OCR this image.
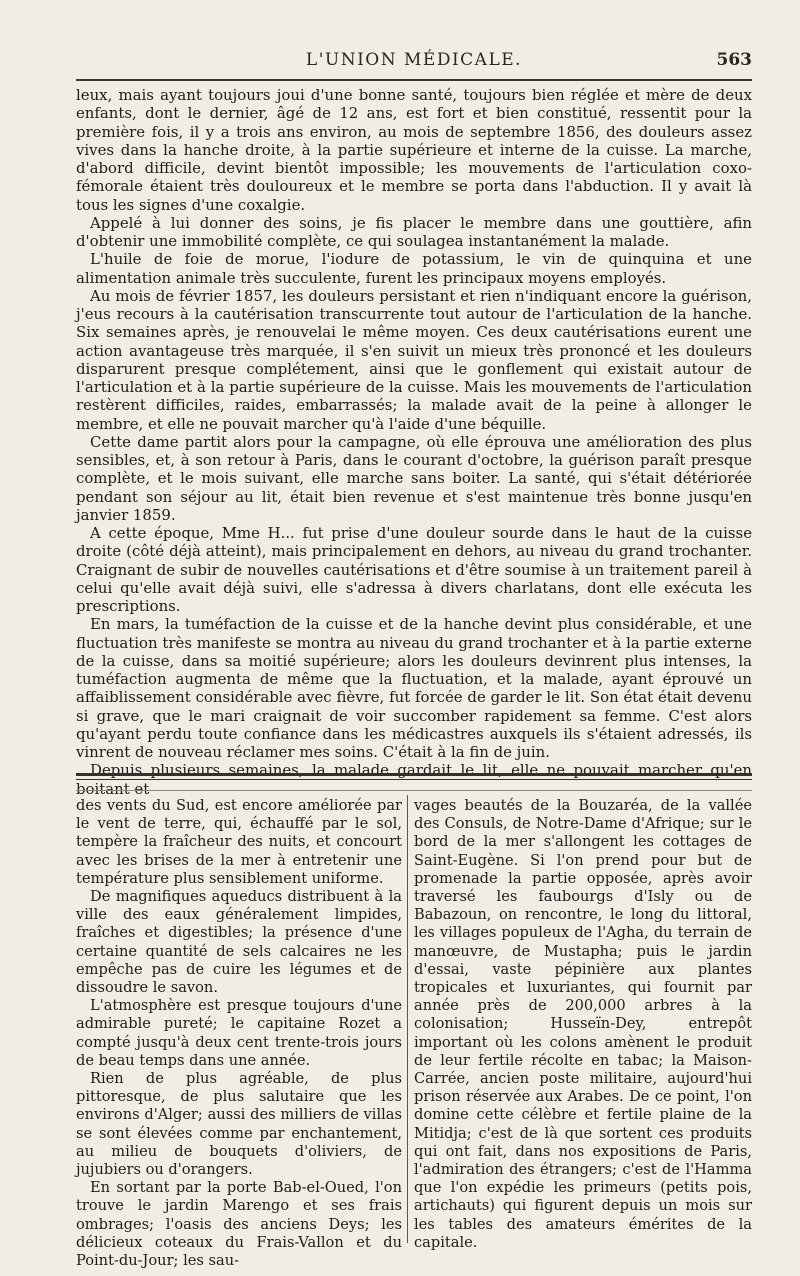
L'UNION MÉDICALE.	563

leux, mais ayant toujours joui d'une bonne santé, toujours bien réglée et mère de deux enfants, dont le dernier, âgé de 12 ans, est fort et bien constitué, ressentit pour la première fois, il y a trois ans environ, au mois de septembre 1856, des douleurs assez vives dans la hanche droite, à la partie supérieure et interne de la cuisse. La marche, d'abord difficile, devint bientôt impossible; les mouvements de l'articulation coxo-fémorale étaient très douloureux et le membre se porta dans l'abduction. Il y avait là tous les signes d'une coxalgie.

Appelé à lui donner des soins, je fis placer le membre dans une gouttière, afin d'obtenir une immobilité complète, ce qui soulagea instantanément la malade.

L'huile de foie de morue, l'iodure de potassium, le vin de quinquina et une alimentation animale très succulente, furent les principaux moyens employés.

Au mois de février 1857, les douleurs persistant et rien n'indiquant encore la guérison, j'eus recours à la cautérisation transcurrente tout autour de l'articulation de la hanche. Six semaines après, je renouvelai le même moyen. Ces deux cautérisations eurent une action avantageuse très marquée, il s'en suivit un mieux très prononcé et les douleurs disparurent presque complétement, ainsi que le gonflement qui existait autour de l'articulation et à la partie supérieure de la cuisse. Mais les mouvements de l'articulation restèrent difficiles, raides, embarrassés; la malade avait de la peine à allonger le membre, et elle ne pouvait marcher qu'à l'aide d'une béquille.

Cette dame partit alors pour la campagne, où elle éprouva une amélioration des plus sensibles, et, à son retour à Paris, dans le courant d'octobre, la guérison paraît presque complète, et le mois suivant, elle marche sans boiter. La santé, qui s'était détériorée pendant son séjour au lit, était bien revenue et s'est maintenue très bonne jusqu'en janvier 1859.

A cette époque, Mme H... fut prise d'une douleur sourde dans le haut de la cuisse droite (côté déjà atteint), mais principalement en dehors, au niveau du grand trochanter. Craignant de subir de nouvelles cautérisations et d'être soumise à un traitement pareil à celui qu'elle avait déjà suivi, elle s'adressa à divers charlatans, dont elle exécuta les prescriptions.

En mars, la tuméfaction de la cuisse et de la hanche devint plus considérable, et une fluctuation très manifeste se montra au niveau du grand trochanter et à la partie externe de la cuisse, dans sa moitié supérieure; alors les douleurs devinrent plus intenses, la tuméfaction augmenta de même que la fluctuation, et la malade, ayant éprouvé un affaiblissement considérable avec fièvre, fut forcée de garder le lit. Son état était devenu si grave, que le mari craignait de voir succomber rapidement sa femme. C'est alors qu'ayant perdu toute confiance dans les médicastres auxquels ils s'étaient adressés, ils vinrent de nouveau réclamer mes soins. C'était à la fin de juin.

Depuis plusieurs semaines, la malade gardait le lit, elle ne pouvait marcher qu'en boitant et

des vents du Sud, est encore améliorée par le vent de terre, qui, échauffé par le sol, tempère la fraîcheur des nuits, et concourt avec les brises de la mer à entretenir une température plus sensiblement uniforme.

De magnifiques aqueducs distribuent à la ville des eaux généralement limpides, fraîches et digestibles; la présence d'une certaine quantité de sels calcaires ne les empêche pas de cuire les légumes et de dissoudre le savon.

L'atmosphère est presque toujours d'une admirable pureté; le capitaine Rozet a compté jusqu'à deux cent trente-trois jours de beau temps dans une année.

Rien de plus agréable, de plus pittoresque, de plus salutaire que les environs d'Alger; aussi des milliers de villas se sont élevées comme par enchantement, au milieu de bouquets d'oliviers, de jujubiers ou d'orangers.

En sortant par la porte Bab-el-Oued, l'on trouve le jardin Marengo et ses frais ombrages; l'oasis des anciens Deys; les délicieux coteaux du Frais-Vallon et du Point-du-Jour; les sau-

vages beautés de la Bouzaréa, de la vallée des Consuls, de Notre-Dame d'Afrique; sur le bord de la mer s'allongent les cottages de Saint-Eugène. Si l'on prend pour but de promenade la partie opposée, après avoir traversé les faubourgs d'Isly ou de Babazoun, on rencontre, le long du littoral, les villages populeux de l'Agha, du terrain de manœuvre, de Mustapha; puis le jardin d'essai, vaste pépinière aux plantes tropicales et luxuriantes, qui fournit par année près de 200,000 arbres à la colonisation; Husseïn-Dey, entrepôt important où les colons amènent le produit de leur fertile récolte en tabac; la Maison-Carrée, ancien poste militaire, aujourd'hui prison réservée aux Arabes. De ce point, l'on domine cette célèbre et fertile plaine de la Mitidja; c'est de là que sortent ces produits qui ont fait, dans nos expositions de Paris, l'admiration des étrangers; c'est de l'Hamma que l'on expédie les primeurs (petits pois, artichauts) qui figurent depuis un mois sur les tables des amateurs émérites de la capitale.
